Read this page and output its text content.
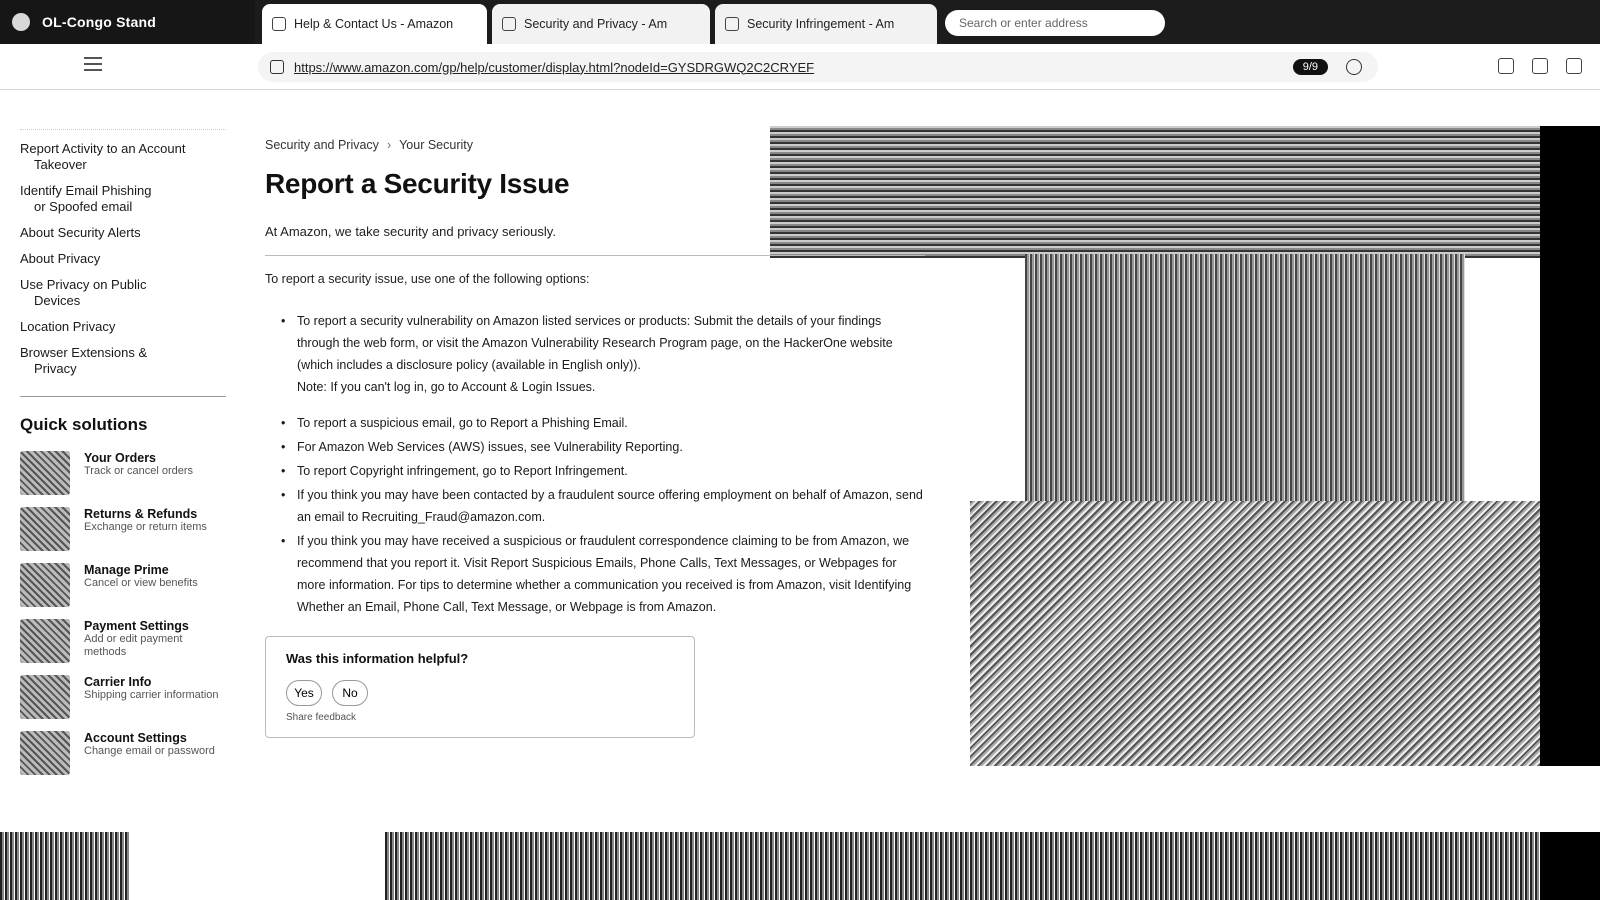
OL-Congo Stand	Help & Contact Us - Amazon	Security and Privacy - Am	Security Infringement - Am	Search or enter address
https://www.amazon.com/gp/help/customer/display.html?nodeId=GYSDRGWQ2C2CRYEF	9/9
Report Activity to an Account
Takeover
Identify Email Phishing
or Spoofed email
About Security Alerts
About Privacy
Use Privacy on Public
Devices
Location Privacy
Browser Extensions &
Privacy
Quick solutions
Your Orders
Track or cancel orders
Returns & Refunds
Exchange or return items
Manage Prime
Cancel or view benefits
Payment Settings
Add or edit payment methods
Carrier Info
Shipping carrier information
Account Settings
Change email or password
Security and Privacy › Your Security
Report a Security Issue
At Amazon, we take security and privacy seriously.
To report a security issue, use one of the following options:
• To report a security vulnerability on Amazon listed services or products: Submit the details of your findings through the web form, or visit the Amazon Vulnerability Research Program page, on the HackerOne website (which includes a disclosure policy (available in English only)).
Note: If you can't log in, go to Account & Login Issues.
• To report a suspicious email, go to Report a Phishing Email.
• For Amazon Web Services (AWS) issues, see Vulnerability Reporting.
• To report Copyright infringement, go to Report Infringement.
• If you think you may have been contacted by a fraudulent source offering employment on behalf of Amazon, send an email to Recruiting_Fraud@amazon.com.
• If you think you may have received a suspicious or fraudulent correspondence claiming to be from Amazon, we recommend that you report it. Visit Report Suspicious Emails, Phone Calls, Text Messages, or Webpages for more information. For tips to determine whether a communication you received is from Amazon, visit Identifying Whether an Email, Phone Call, Text Message, or Webpage is from Amazon.
Was this information helpful?
Yes	No
Share feedback
